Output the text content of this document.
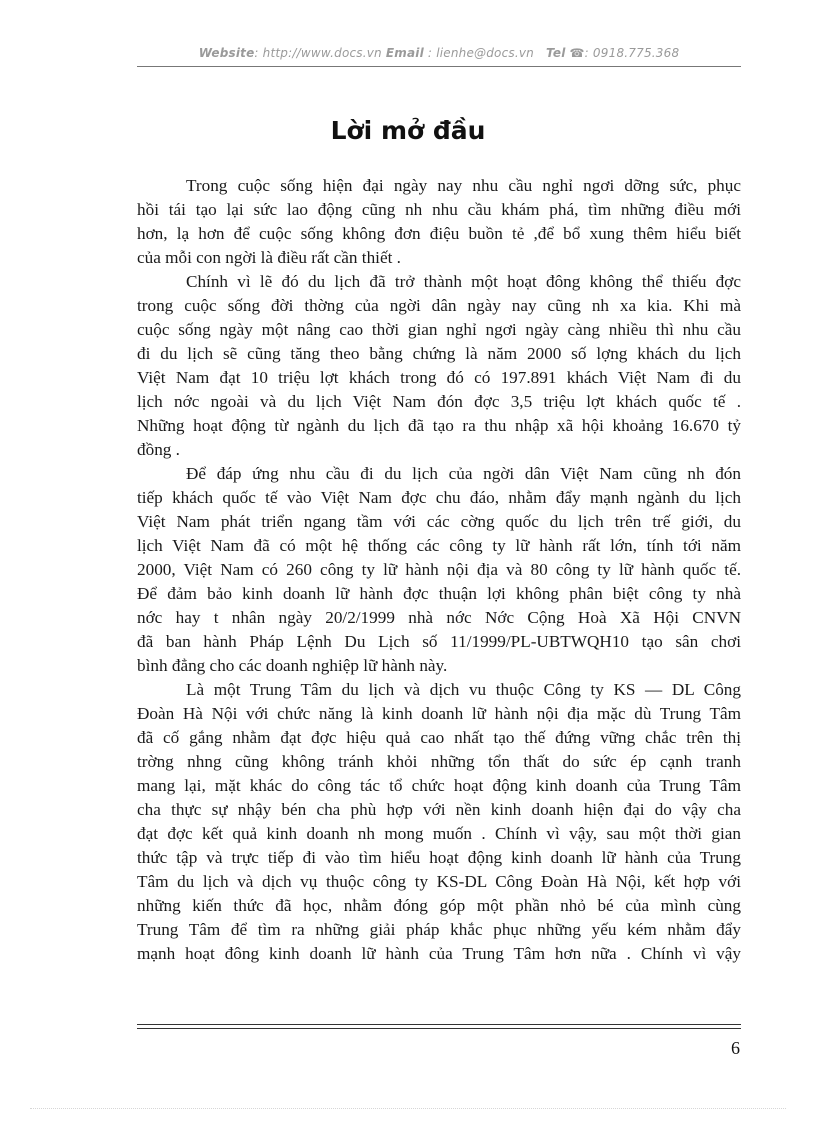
Website: http://www.docs.vn Email : lienhe@docs.vn Tel ☎: 0918.775.368
Lời mở đầu
Trong cuộc sống hiện đại ngày nay nhu cầu nghỉ ngơi dỡng sức, phục
hồi tái tạo lại sức lao động cũng nh nhu cầu khám phá, tìm những điều mới
hơn, lạ hơn để cuộc sống không đơn điệu buồn tẻ ,để bổ xung thêm hiểu biết
của mỗi con ngời là điều rất cần thiết .
Chính vì lẽ đó du lịch đã trở thành một hoạt đông không thể thiếu đợc
trong cuộc sống đời thờng của ngời dân ngày nay cũng nh xa kia. Khi mà
cuộc sống ngày một nâng cao thời gian nghỉ ngơi ngày càng nhiều thì nhu cầu
đi du lịch sẽ cũng tăng theo bằng chứng là năm 2000 số lợng khách du lịch
Việt Nam đạt 10 triệu lợt khách trong đó có 197.891 khách Việt Nam đi du
lịch nớc ngoài và du lịch Việt Nam đón đợc 3,5 triệu lợt khách quốc tế .
Những hoạt động từ ngành du lịch đã tạo ra thu nhập xã hội khoảng 16.670 tỷ
đồng .
Để đáp ứng nhu cầu đi du lịch của ngời dân Việt Nam cũng nh đón
tiếp khách quốc tế vào Việt Nam đợc chu đáo, nhằm đẩy mạnh ngành du lịch
Việt Nam phát triển ngang tầm với các cờng quốc du lịch trên trế giới, du
lịch Việt Nam đã có một hệ thống các công ty lữ hành rất lớn, tính tới năm
2000, Việt Nam có 260 công ty lữ hành nội địa và 80 công ty lữ hành quốc tế.
Để đảm bảo kinh doanh lữ hành đợc thuận lợi không phân biệt công ty nhà
nớc hay t nhân ngày 20/2/1999 nhà nớc Nớc Cộng Hoà Xã Hội CNVN
đã ban hành Pháp Lệnh Du Lịch số 11/1999/PL-UBTWQH10 tạo sân chơi
bình đẳng cho các doanh nghiệp lữ hành này.
Là một Trung Tâm du lịch và dịch vu thuộc Công ty KS — DL Công
Đoàn Hà Nội với chức năng là kinh doanh lữ hành nội địa mặc dù Trung Tâm
đã cố gắng nhằm đạt đợc hiệu quả cao nhất tạo thế đứng vững chắc trên thị
trờng nhng cũng không tránh khỏi những tổn thất do sức ép cạnh tranh
mang lại, mặt khác do công tác tổ chức hoạt động kinh doanh của Trung Tâm
cha thực sự nhậy bén cha phù hợp với nền kinh doanh hiện đại do vậy cha
đạt đợc kết quả kinh doanh nh mong muốn . Chính vì vậy, sau một thời gian
thức tập và trực tiếp đi vào tìm hiểu hoạt động kinh doanh lữ hành của Trung
Tâm du lịch và dịch vụ thuộc công ty KS-DL Công Đoàn Hà Nội, kết hợp với
những kiến thức đã học, nhằm đóng góp một phần nhỏ bé của mình cùng
Trung Tâm để tìm ra những giải pháp khắc phục những yếu kém nhằm đẩy
mạnh hoạt đông kinh doanh lữ hành của Trung Tâm hơn nữa . Chính vì vậy
6
